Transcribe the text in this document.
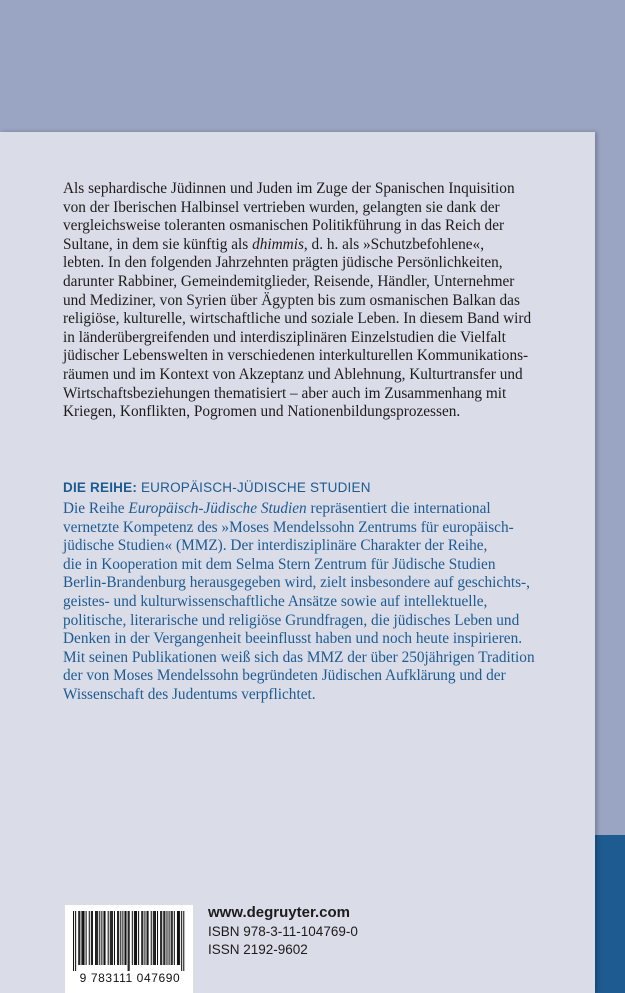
Als sephardische Jüdinnen und Juden im Zuge der Spanischen Inquisition
von der Iberischen Halbinsel vertrieben wurden, gelangten sie dank der
vergleichsweise toleranten osmanischen Politikführung in das Reich der
Sultane, in dem sie künftig als dhimmis, d. h. als »Schutzbefohlene«,
lebten. In den folgenden Jahrzehnten prägten jüdische Persönlichkeiten,
darunter Rabbiner, Gemeindemitglieder, Reisende, Händler, Unternehmer
und Mediziner, von Syrien über Ägypten bis zum osmanischen Balkan das
religiöse, kulturelle, wirtschaftliche und soziale Leben. In diesem Band wird
in länderübergreifenden und interdisziplinären Einzelstudien die Vielfalt
jüdischer Lebenswelten in verschiedenen interkulturellen Kommunikations-
räumen und im Kontext von Akzeptanz und Ablehnung, Kulturtransfer und
Wirtschaftsbeziehungen thematisiert – aber auch im Zusammenhang mit
Kriegen, Konflikten, Pogromen und Nationenbildungsprozessen.

DIE REIHE: EUROPÄISCH-JÜDISCHE STUDIEN

Die Reihe Europäisch-Jüdische Studien repräsentiert die international
vernetzte Kompetenz des »Moses Mendelssohn Zentrums für europäisch-
jüdische Studien« (MMZ). Der interdisziplinäre Charakter der Reihe,
die in Kooperation mit dem Selma Stern Zentrum für Jüdische Studien
Berlin-Brandenburg herausgegeben wird, zielt insbesondere auf geschichts-,
geistes- und kulturwissenschaftliche Ansätze sowie auf intellektuelle,
politische, literarische und religiöse Grundfragen, die jüdisches Leben und
Denken in der Vergangenheit beeinflusst haben und noch heute inspirieren.
Mit seinen Publikationen weiß sich das MMZ der über 250jährigen Tradition
der von Moses Mendelssohn begründeten Jüdischen Aufklärung und der
Wissenschaft des Judentums verpflichtet.

9 783111 047690
www.degruyter.com
ISBN 978-3-11-104769-0
ISSN 2192-9602
